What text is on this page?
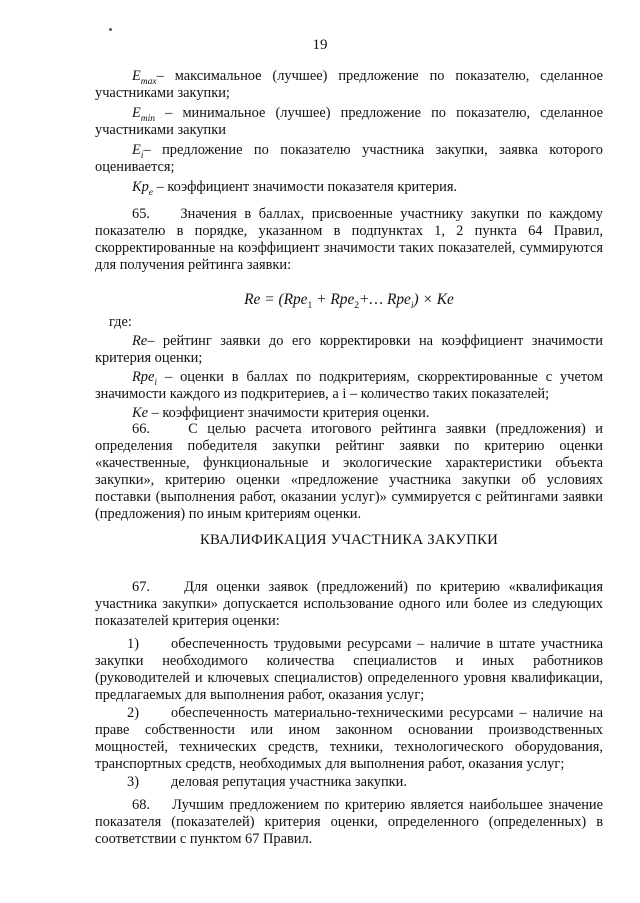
19

$E_{max}-$ максимальное (лучшее) предложение по показателю, сделанное участниками закупки;

$E_{min}$ – минимальное (лучшее) предложение по показателю, сделанное участниками закупки

$E_i-$ предложение по показателю участника закупки, заявка которого оценивается;

$Kp_e$ – коэффициент значимости показателя критерия.

65.    Значения в баллах, присвоенные участнику закупки по каждому показателю в порядке, указанном в подпунктах 1, 2 пункта 64 Правил, скорректированные на коэффициент значимости таких показателей, суммируются для получения рейтинга заявки:

Re = (Rpe$_1$ + Rpe$_2$+… Rpe$_i$) × Ke

где:

Re– рейтинг заявки до его корректировки на коэффициент значимости критерия оценки;

Rpe$_i$ – оценки в баллах по подкритериям, скорректированные с учетом значимости каждого из подкритериев, а i – количество таких показателей;

Ke – коэффициент значимости критерия оценки.

66.    С целью расчета итогового рейтинга заявки (предложения) и определения победителя закупки рейтинг заявки по критерию оценки «качественные, функциональные и экологические характеристики объекта закупки», критерию оценки «предложение участника закупки об условиях поставки (выполнения работ, оказании услуг)» суммируется с рейтингами заявки (предложения) по иным критериям оценки.

КВАЛИФИКАЦИЯ УЧАСТНИКА ЗАКУПКИ

67.    Для оценки заявок (предложений) по критерию «квалификация участника закупки» допускается использование одного или более из следующих показателей критерия оценки:

1) обеспеченность трудовыми ресурсами – наличие в штате участника закупки необходимого количества специалистов и иных работников (руководителей и ключевых специалистов) определенного уровня квалификации, предлагаемых для выполнения работ, оказания услуг;

2) обеспеченность материально-техническими ресурсами – наличие на праве собственности или ином законном основании производственных мощностей, технических средств, техники, технологического оборудования, транспортных средств, необходимых для выполнения работ, оказания услуг;

3) деловая репутация участника закупки.

68.    Лучшим предложением по критерию является наибольшее значение показателя (показателей) критерия оценки, определенного (определенных) в соответствии с пунктом 67 Правил.
